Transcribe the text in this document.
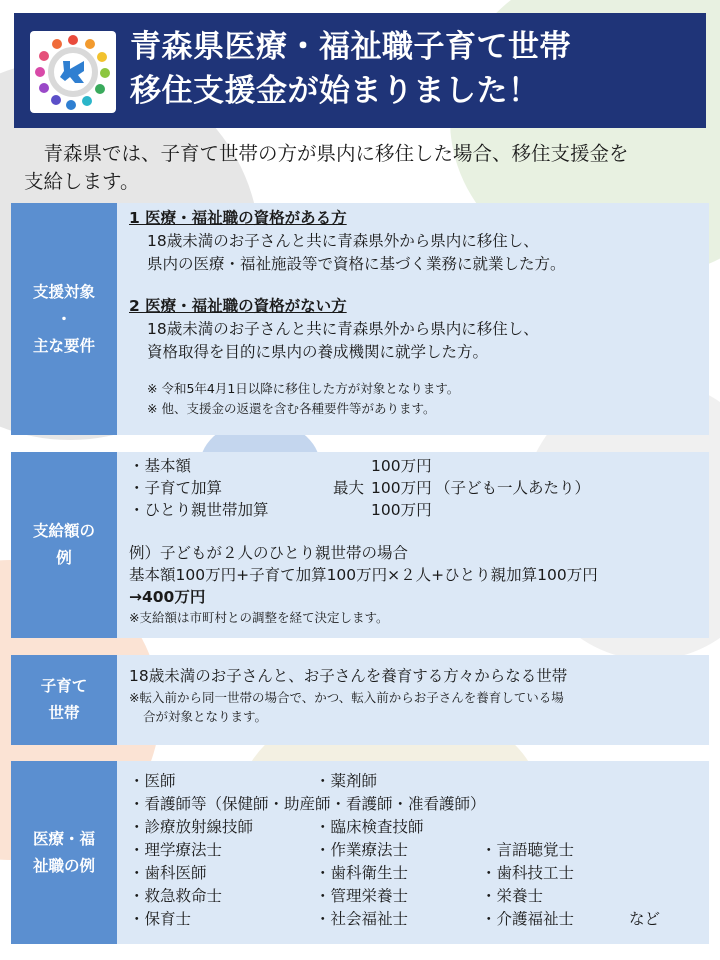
青森県医療・福祉職子育て世帯
移住支援金が始まりました！
　青森県では、子育て世帯の方が県内に移住した場合、移住支援金を
支給します。
支援対象
・
主な要件
1 医療・福祉職の資格がある方
18歳未満のお子さんと共に青森県外から県内に移住し、
県内の医療・福祉施設等で資格に基づく業務に就業した方。
2 医療・福祉職の資格がない方
18歳未満のお子さんと共に青森県外から県内に移住し、
資格取得を目的に県内の養成機関に就学した方。
※ 令和5年4月1日以降に移住した方が対象となります。
※ 他、支援金の返還を含む各種要件等があります。
支給額の
例
・基本額	100万円
・子育て加算	最大 100万円 （子ども一人あたり）
・ひとり親世帯加算	100万円
例）子どもが２人のひとり親世帯の場合
基本額100万円+子育て加算100万円×２人+ひとり親加算100万円
→400万円
※支給額は市町村との調整を経て決定します。
子育て
世帯
18歳未満のお子さんと、お子さんを養育する方々からなる世帯
※転入前から同一世帯の場合で、かつ、転入前からお子さんを養育している場
合が対象となります。
医療・福
祉職の例
・医師	・薬剤師
・看護師等（保健師・助産師・看護師・准看護師）
・診療放射線技師	・臨床検査技師
・理学療法士	・作業療法士	・言語聴覚士
・歯科医師	・歯科衛生士	・歯科技工士
・救急救命士	・管理栄養士	・栄養士
・保育士	・社会福祉士	・介護福祉士	など
